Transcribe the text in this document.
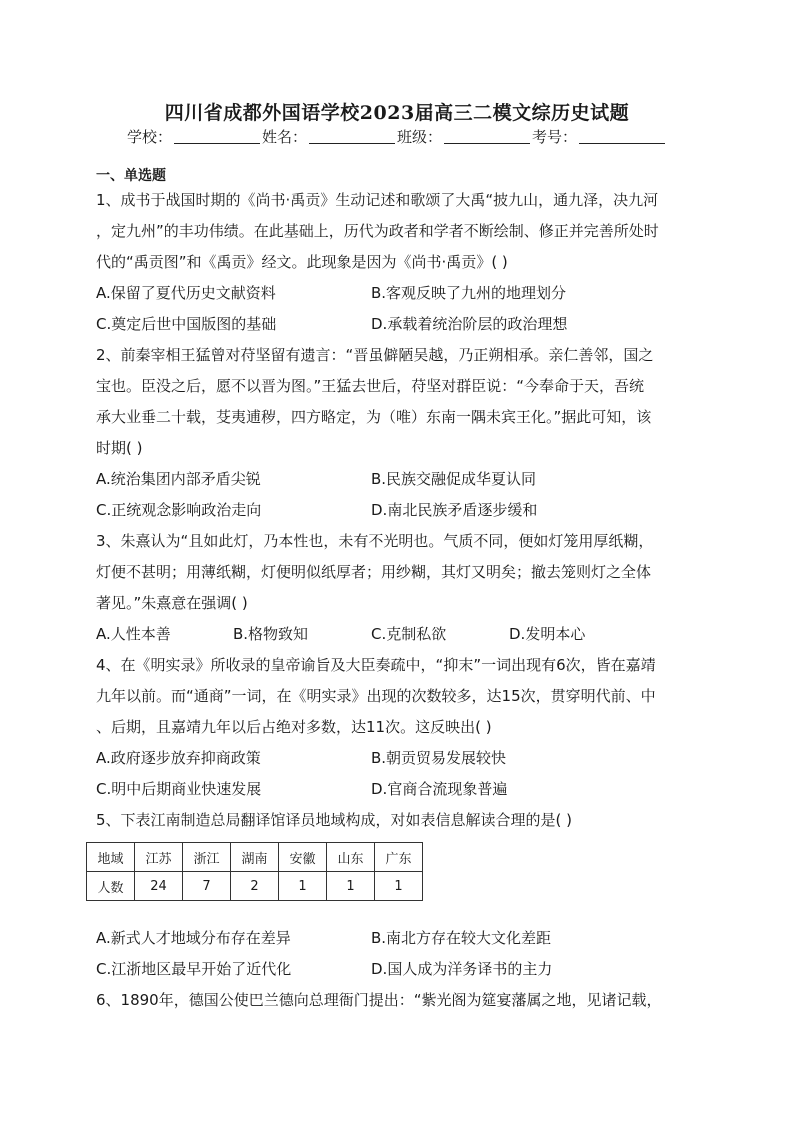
四川省成都外国语学校2023届高三二模文综历史试题
学校：	姓名：	班级：	考号：
一、单选题
1、成书于战国时期的《尚书·禹贡》生动记述和歌颂了大禹“披九山，通九泽，决九河
，定九州”的丰功伟绩。在此基础上，历代为政者和学者不断绘制、修正并完善所处时
代的“禹贡图”和《禹贡》经文。此现象是因为《尚书·禹贡》( )
A.保留了夏代历史文献资料	B.客观反映了九州的地理划分
C.奠定后世中国版图的基础	D.承载着统治阶层的政治理想
2、前秦宰相王猛曾对苻坚留有遗言：“晋虽僻陋吴越，乃正朔相承。亲仁善邻，国之
宝也。臣没之后，愿不以晋为图。”王猛去世后，苻坚对群臣说：“今奉命于天，吾统
承大业垂二十载，芟夷逋秽，四方略定，为（唯）东南一隅未宾王化。”据此可知，该
时期( )
A.统治集团内部矛盾尖锐	B.民族交融促成华夏认同
C.正统观念影响政治走向	D.南北民族矛盾逐步缓和
3、朱熹认为“且如此灯，乃本性也，未有不光明也。气质不同，便如灯笼用厚纸糊，
灯便不甚明；用薄纸糊，灯便明似纸厚者；用纱糊，其灯又明矣；撤去笼则灯之全体
著见。”朱熹意在强调( )
A.人性本善	B.格物致知	C.克制私欲	D.发明本心
4、在《明实录》所收录的皇帝谕旨及大臣奏疏中，“抑末”一词出现有6次，皆在嘉靖
九年以前。而“通商”一词，在《明实录》出现的次数较多，达15次，贯穿明代前、中
、后期，且嘉靖九年以后占绝对多数，达11次。这反映出( )
A.政府逐步放弃抑商政策	B.朝贡贸易发展较快
C.明中后期商业快速发展	D.官商合流现象普遍
5、下表江南制造总局翻译馆译员地域构成，对如表信息解读合理的是( )
地域	江苏	浙江	湖南	安徽	山东	广东
人数	24	7	2	1	1	1
A.新式人才地域分布存在差异	B.南北方存在较大文化差距
C.江浙地区最早开始了近代化	D.国人成为洋务译书的主力
6、1890年，德国公使巴兰德向总理衙门提出：“紫光阁为筵宴藩属之地，见诸记载，
